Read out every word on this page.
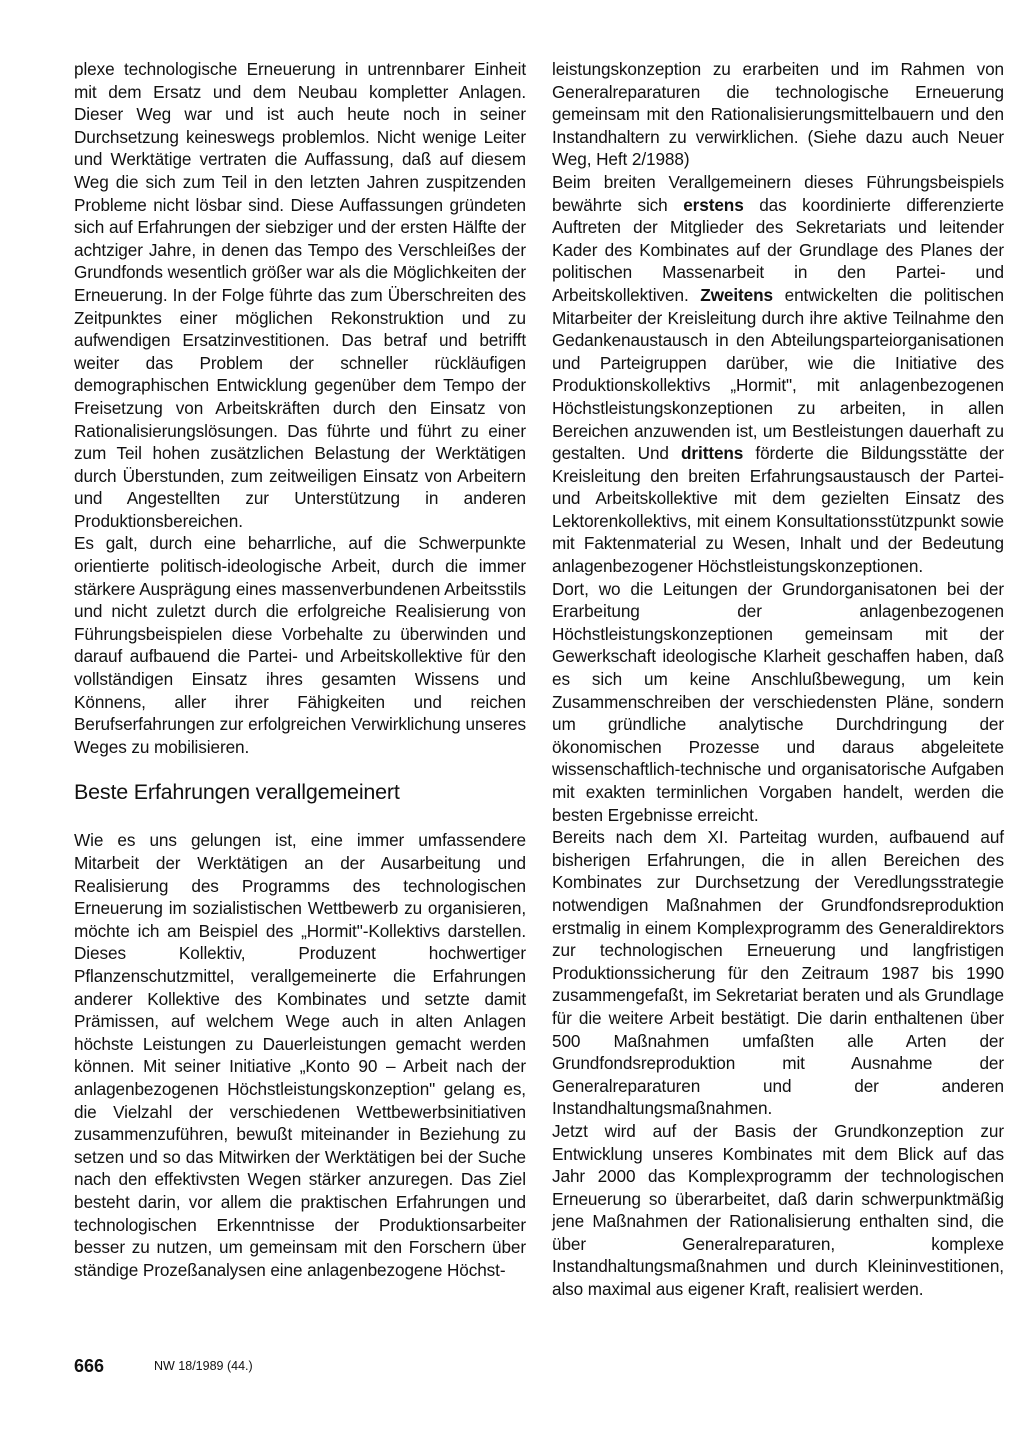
plexe technologische Erneuerung in untrennbarer Einheit mit dem Ersatz und dem Neubau kompletter Anlagen. Dieser Weg war und ist auch heute noch in seiner Durchsetzung keineswegs problemlos. Nicht wenige Leiter und Werktätige vertraten die Auffassung, daß auf diesem Weg die sich zum Teil in den letzten Jahren zuspitzenden Probleme nicht lösbar sind. Diese Auffassungen gründeten sich auf Erfahrungen der siebziger und der ersten Hälfte der achtziger Jahre, in denen das Tempo des Verschleißes der Grundfonds wesentlich größer war als die Möglichkeiten der Erneuerung. In der Folge führte das zum Überschreiten des Zeitpunktes einer möglichen Rekonstruktion und zu aufwendigen Ersatzinvestitionen. Das betraf und betrifft weiter das Problem der schneller rückläufigen demographischen Entwicklung gegenüber dem Tempo der Freisetzung von Arbeitskräften durch den Einsatz von Rationalisierungslösungen. Das führte und führt zu einer zum Teil hohen zusätzlichen Belastung der Werktätigen durch Überstunden, zum zeitweiligen Einsatz von Arbeitern und Angestellten zur Unterstützung in anderen Produktionsbereichen.

Es galt, durch eine beharrliche, auf die Schwerpunkte orientierte politisch-ideologische Arbeit, durch die immer stärkere Ausprägung eines massenverbundenen Arbeitsstils und nicht zuletzt durch die erfolgreiche Realisierung von Führungsbeispielen diese Vorbehalte zu überwinden und darauf aufbauend die Partei- und Arbeitskollektive für den vollständigen Einsatz ihres gesamten Wissens und Könnens, aller ihrer Fähigkeiten und reichen Berufserfahrungen zur erfolgreichen Verwirklichung unseres Weges zu mobilisieren.

Beste Erfahrungen verallgemeinert

Wie es uns gelungen ist, eine immer umfassendere Mitarbeit der Werktätigen an der Ausarbeitung und Realisierung des Programms des technologischen Erneuerung im sozialistischen Wettbewerb zu organisieren, möchte ich am Beispiel des „Hormit"-Kollektivs darstellen. Dieses Kollektiv, Produzent hochwertiger Pflanzenschutzmittel, verallgemeinerte die Erfahrungen anderer Kollektive des Kombinates und setzte damit Prämissen, auf welchem Wege auch in alten Anlagen höchste Leistungen zu Dauerleistungen gemacht werden können. Mit seiner Initiative „Konto 90 – Arbeit nach der anlagenbezogenen Höchstleistungskonzeption" gelang es, die Vielzahl der verschiedenen Wettbewerbsinitiativen zusammenzuführen, bewußt miteinander in Beziehung zu setzen und so das Mitwirken der Werktätigen bei der Suche nach den effektivsten Wegen stärker anzuregen. Das Ziel besteht darin, vor allem die praktischen Erfahrungen und technologischen Erkenntnisse der Produktionsarbeiter besser zu nutzen, um gemeinsam mit den Forschern über ständige Prozeßanalysen eine anlagenbezogene Höchst-

leistungskonzeption zu erarbeiten und im Rahmen von Generalreparaturen die technologische Erneuerung gemeinsam mit den Rationalisierungsmittelbauern und den Instandhaltern zu verwirklichen. (Siehe dazu auch Neuer Weg, Heft 2/1988)

Beim breiten Verallgemeinern dieses Führungsbeispiels bewährte sich erstens das koordinierte differenzierte Auftreten der Mitglieder des Sekretariats und leitender Kader des Kombinates auf der Grundlage des Planes der politischen Massenarbeit in den Partei- und Arbeitskollektiven. Zweitens entwickelten die politischen Mitarbeiter der Kreisleitung durch ihre aktive Teilnahme den Gedankenaustausch in den Abteilungsparteiorganisationen und Parteigruppen darüber, wie die Initiative des Produktionskollektivs „Hormit", mit anlagenbezogenen Höchstleistungskonzeptionen zu arbeiten, in allen Bereichen anzuwenden ist, um Bestleistungen dauerhaft zu gestalten. Und drittens förderte die Bildungsstätte der Kreisleitung den breiten Erfahrungsaustausch der Partei- und Arbeitskollektive mit dem gezielten Einsatz des Lektorenkollektivs, mit einem Konsultationsstützpunkt sowie mit Faktenmaterial zu Wesen, Inhalt und der Bedeutung anlagenbezogener Höchstleistungskonzeptionen.

Dort, wo die Leitungen der Grundorganisatonen bei der Erarbeitung der anlagenbezogenen Höchstleistungskonzeptionen gemeinsam mit der Gewerkschaft ideologische Klarheit geschaffen haben, daß es sich um keine Anschlußbewegung, um kein Zusammenschreiben der verschiedensten Pläne, sondern um gründliche analytische Durchdringung der ökonomischen Prozesse und daraus abgeleitete wissenschaftlich-technische und organisatorische Aufgaben mit exakten terminlichen Vorgaben handelt, werden die besten Ergebnisse erreicht.

Bereits nach dem XI. Parteitag wurden, aufbauend auf bisherigen Erfahrungen, die in allen Bereichen des Kombinates zur Durchsetzung der Veredlungsstrategie notwendigen Maßnahmen der Grundfondsreproduktion erstmalig in einem Komplexprogramm des Generaldirektors zur technologischen Erneuerung und langfristigen Produktionssicherung für den Zeitraum 1987 bis 1990 zusammengefaßt, im Sekretariat beraten und als Grundlage für die weitere Arbeit bestätigt. Die darin enthaltenen über 500 Maßnahmen umfaßten alle Arten der Grundfondsreproduktion mit Ausnahme der Generalreparaturen und der anderen Instandhaltungsmaßnahmen.

Jetzt wird auf der Basis der Grundkonzeption zur Entwicklung unseres Kombinates mit dem Blick auf das Jahr 2000 das Komplexprogramm der technologischen Erneuerung so überarbeitet, daß darin schwerpunktmäßig jene Maßnahmen der Rationalisierung enthalten sind, die über Generalreparaturen, komplexe Instandhaltungsmaßnahmen und durch Kleininvestitionen, also maximal aus eigener Kraft, realisiert werden.

666	NW 18/1989 (44.)
